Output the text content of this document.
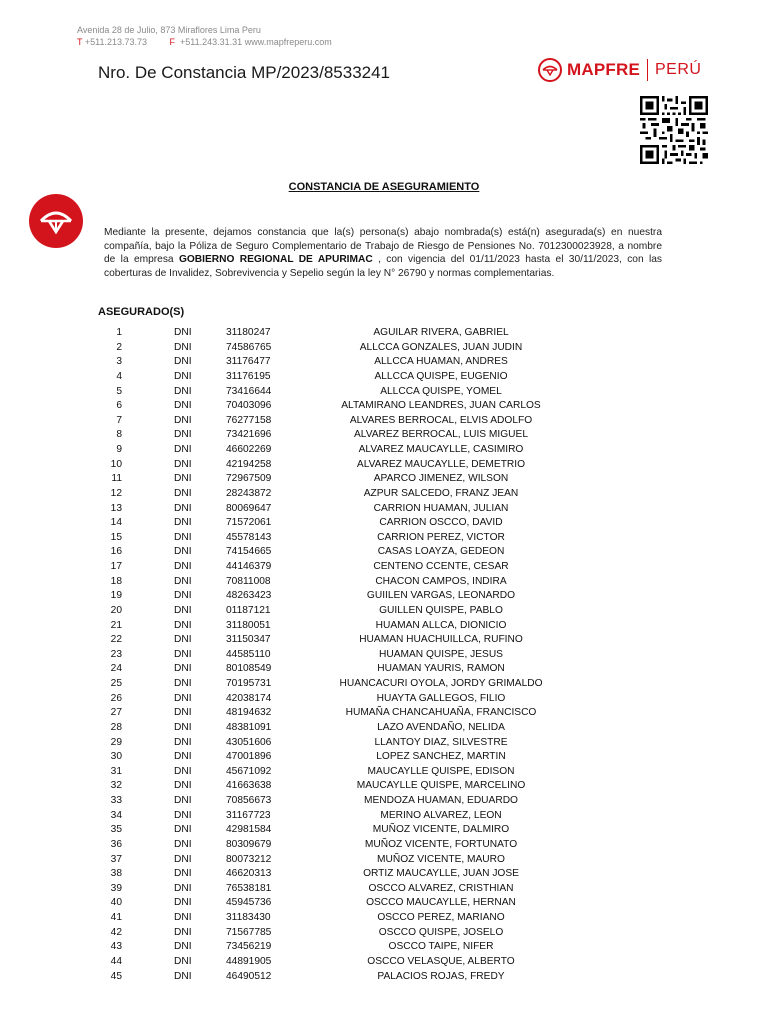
Avenida 28 de Julio, 873 Miraflores Lima Peru
T +511.213.73.73	F +511.243.31.31 www.mapfreperu.com
Nro. De Constancia MP/2023/8533241	MAPFRE PERÚ
CONSTANCIA DE ASEGURAMIENTO
Mediante la presente, dejamos constancia que la(s) persona(s) abajo nombrada(s) está(n) asegurada(s) en nuestra compañía, bajo la Póliza de Seguro Complementario de Trabajo de Riesgo de Pensiones No. 7012300023928, a nombre de la empresa GOBIERNO REGIONAL DE APURIMAC , con vigencia del 01/11/2023 hasta el 30/11/2023, con las coberturas de Invalidez, Sobrevivencia y Sepelio según la ley N° 26790 y normas complementarias.
ASEGURADO(S)
1	DNI	31180247	AGUILAR RIVERA, GABRIEL
2	DNI	74586765	ALLCCA GONZALES, JUAN JUDIN
3	DNI	31176477	ALLCCA HUAMAN, ANDRES
4	DNI	31176195	ALLCCA QUISPE, EUGENIO
5	DNI	73416644	ALLCCA QUISPE, YOMEL
6	DNI	70403096	ALTAMIRANO LEANDRES, JUAN CARLOS
7	DNI	76277158	ALVARES BERROCAL, ELVIS ADOLFO
8	DNI	73421696	ALVAREZ BERROCAL, LUIS MIGUEL
9	DNI	46602269	ALVAREZ MAUCAYLLE, CASIMIRO
10	DNI	42194258	ALVAREZ MAUCAYLLE, DEMETRIO
11	DNI	72967509	APARCO JIMENEZ, WILSON
12	DNI	28243872	AZPUR SALCEDO, FRANZ JEAN
13	DNI	80069647	CARRION HUAMAN, JULIAN
14	DNI	71572061	CARRION OSCCO, DAVID
15	DNI	45578143	CARRION PEREZ, VICTOR
16	DNI	74154665	CASAS LOAYZA, GEDEON
17	DNI	44146379	CENTENO CCENTE, CESAR
18	DNI	70811008	CHACON CAMPOS, INDIRA
19	DNI	48263423	GUIILEN VARGAS, LEONARDO
20	DNI	01187121	GUILLEN QUISPE, PABLO
21	DNI	31180051	HUAMAN ALLCA, DIONICIO
22	DNI	31150347	HUAMAN HUACHUILLCA, RUFINO
23	DNI	44585110	HUAMAN QUISPE, JESUS
24	DNI	80108549	HUAMAN YAURIS, RAMON
25	DNI	70195731	HUANCACURI OYOLA, JORDY GRIMALDO
26	DNI	42038174	HUAYTA GALLEGOS, FILIO
27	DNI	48194632	HUMAÑA CHANCAHUAÑA, FRANCISCO
28	DNI	48381091	LAZO AVENDAÑO, NELIDA
29	DNI	43051606	LLANTOY DIAZ, SILVESTRE
30	DNI	47001896	LOPEZ SANCHEZ, MARTIN
31	DNI	45671092	MAUCAYLLE QUISPE, EDISON
32	DNI	41663638	MAUCAYLLE QUISPE, MARCELINO
33	DNI	70856673	MENDOZA HUAMAN, EDUARDO
34	DNI	31167723	MERINO ALVAREZ, LEON
35	DNI	42981584	MUÑOZ VICENTE, DALMIRO
36	DNI	80309679	MUÑOZ VICENTE, FORTUNATO
37	DNI	80073212	MUÑOZ VICENTE, MAURO
38	DNI	46620313	ORTIZ MAUCAYLLE, JUAN JOSE
39	DNI	76538181	OSCCO ALVAREZ, CRISTHIAN
40	DNI	45945736	OSCCO MAUCAYLLE, HERNAN
41	DNI	31183430	OSCCO PEREZ, MARIANO
42	DNI	71567785	OSCCO QUISPE, JOSELO
43	DNI	73456219	OSCCO TAIPE, NIFER
44	DNI	44891905	OSCCO VELASQUE, ALBERTO
45	DNI	46490512	PALACIOS ROJAS, FREDY
